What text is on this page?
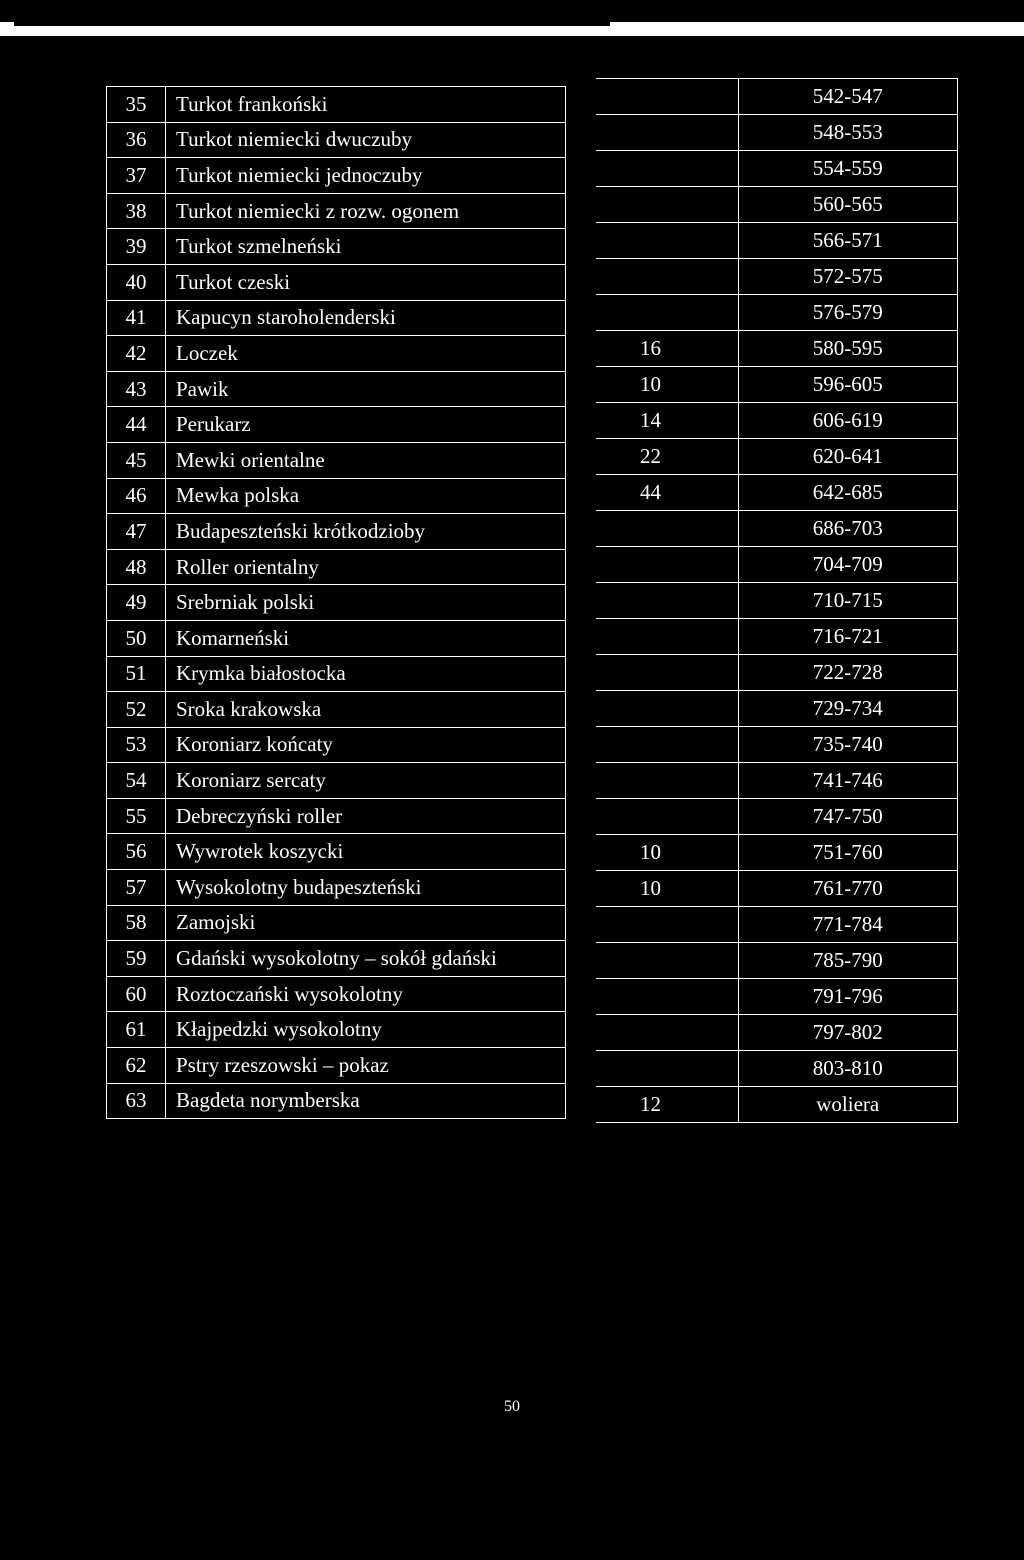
35	Turkot frankoński
36	Turkot niemiecki dwuczuby
37	Turkot niemiecki jednoczuby
38	Turkot niemiecki z rozw. ogonem
39	Turkot szmelneński
40	Turkot czeski
41	Kapucyn staroholenderski
42	Loczek
43	Pawik
44	Perukarz
45	Mewki orientalne
46	Mewka polska
47	Budapeszteński krótkodzioby
48	Roller orientalny
49	Srebrniak polski
50	Komarneński
51	Krymka białostocka
52	Sroka krakowska
53	Koroniarz końcaty
54	Koroniarz sercaty
55	Debreczyński roller
56	Wywrotek koszycki
57	Wysokolotny budapeszteński
58	Zamojski
59	Gdański wysokolotny – sokół gdański
60	Roztoczański wysokolotny
61	Kłajpedzki wysokolotny
62	Pstry rzeszowski – pokaz
63	Bagdeta norymberska
	542-547
	548-553
	554-559
	560-565
	566-571
	572-575
	576-579
16	580-595
10	596-605
14	606-619
22	620-641
44	642-685
	686-703
	704-709
	710-715
	716-721
	722-728
	729-734
	735-740
	741-746
	747-750
10	751-760
10	761-770
	771-784
	785-790
	791-796
	797-802
	803-810
12	woliera
50
